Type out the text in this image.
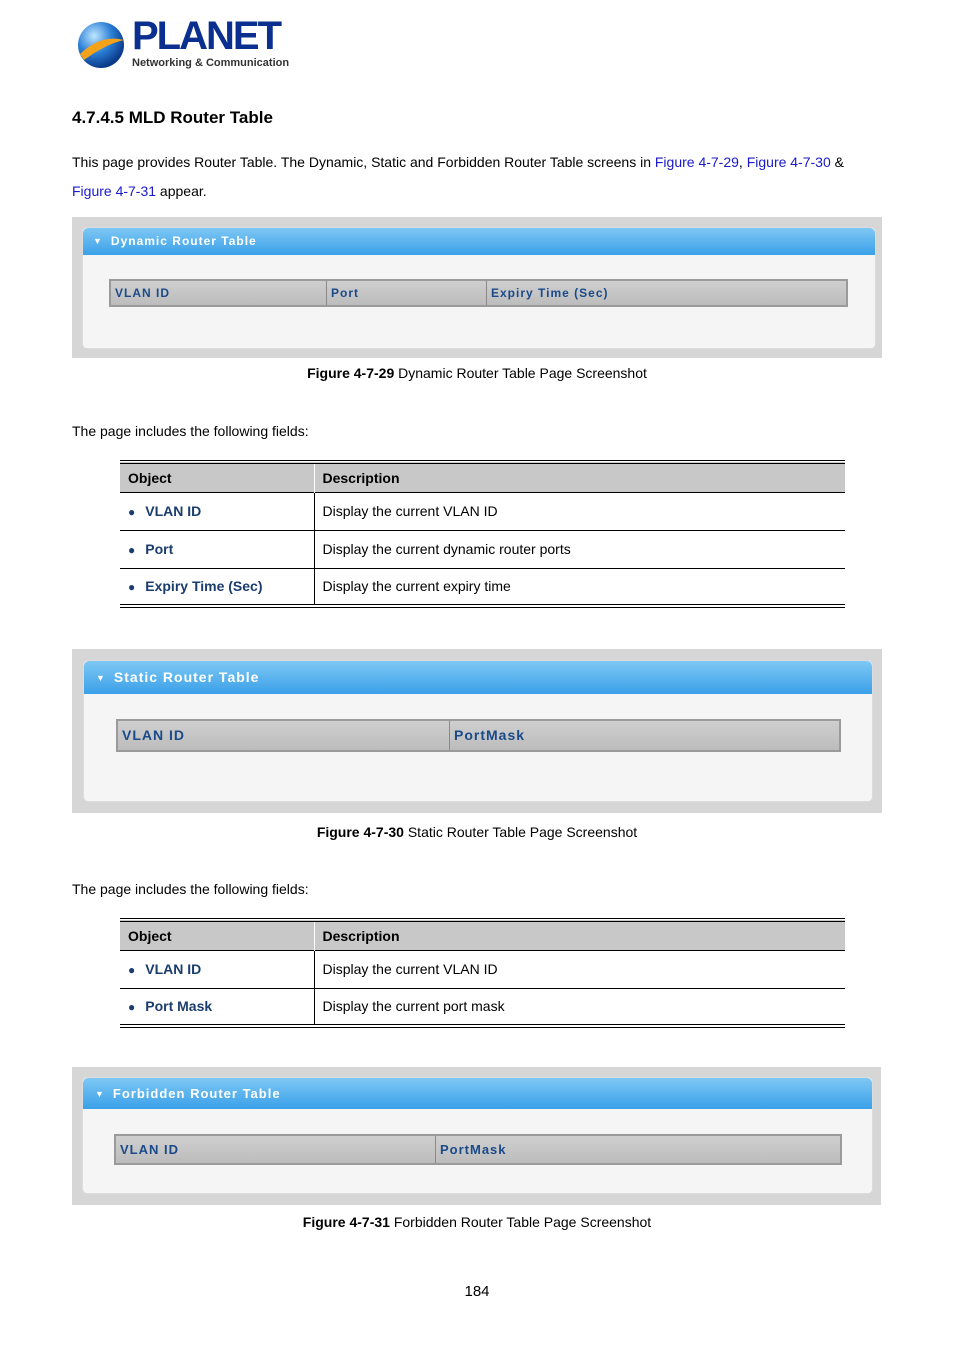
PLANET
Networking & Communication
4.7.4.5 MLD Router Table
This page provides Router Table. The Dynamic, Static and Forbidden Router Table screens in Figure 4-7-29, Figure 4-7-30 &
Figure 4-7-31 appear.
▼ Dynamic Router Table
VLAN ID	Port	Expiry Time (Sec)
Figure 4-7-29 Dynamic Router Table Page Screenshot
The page includes the following fields:
Object	Description
● VLAN ID	Display the current VLAN ID
● Port	Display the current dynamic router ports
● Expiry Time (Sec)	Display the current expiry time
▼ Static Router Table
VLAN ID	PortMask
Figure 4-7-30 Static Router Table Page Screenshot
The page includes the following fields:
Object	Description
● VLAN ID	Display the current VLAN ID
● Port Mask	Display the current port mask
▼ Forbidden Router Table
VLAN ID	PortMask
Figure 4-7-31 Forbidden Router Table Page Screenshot
184
